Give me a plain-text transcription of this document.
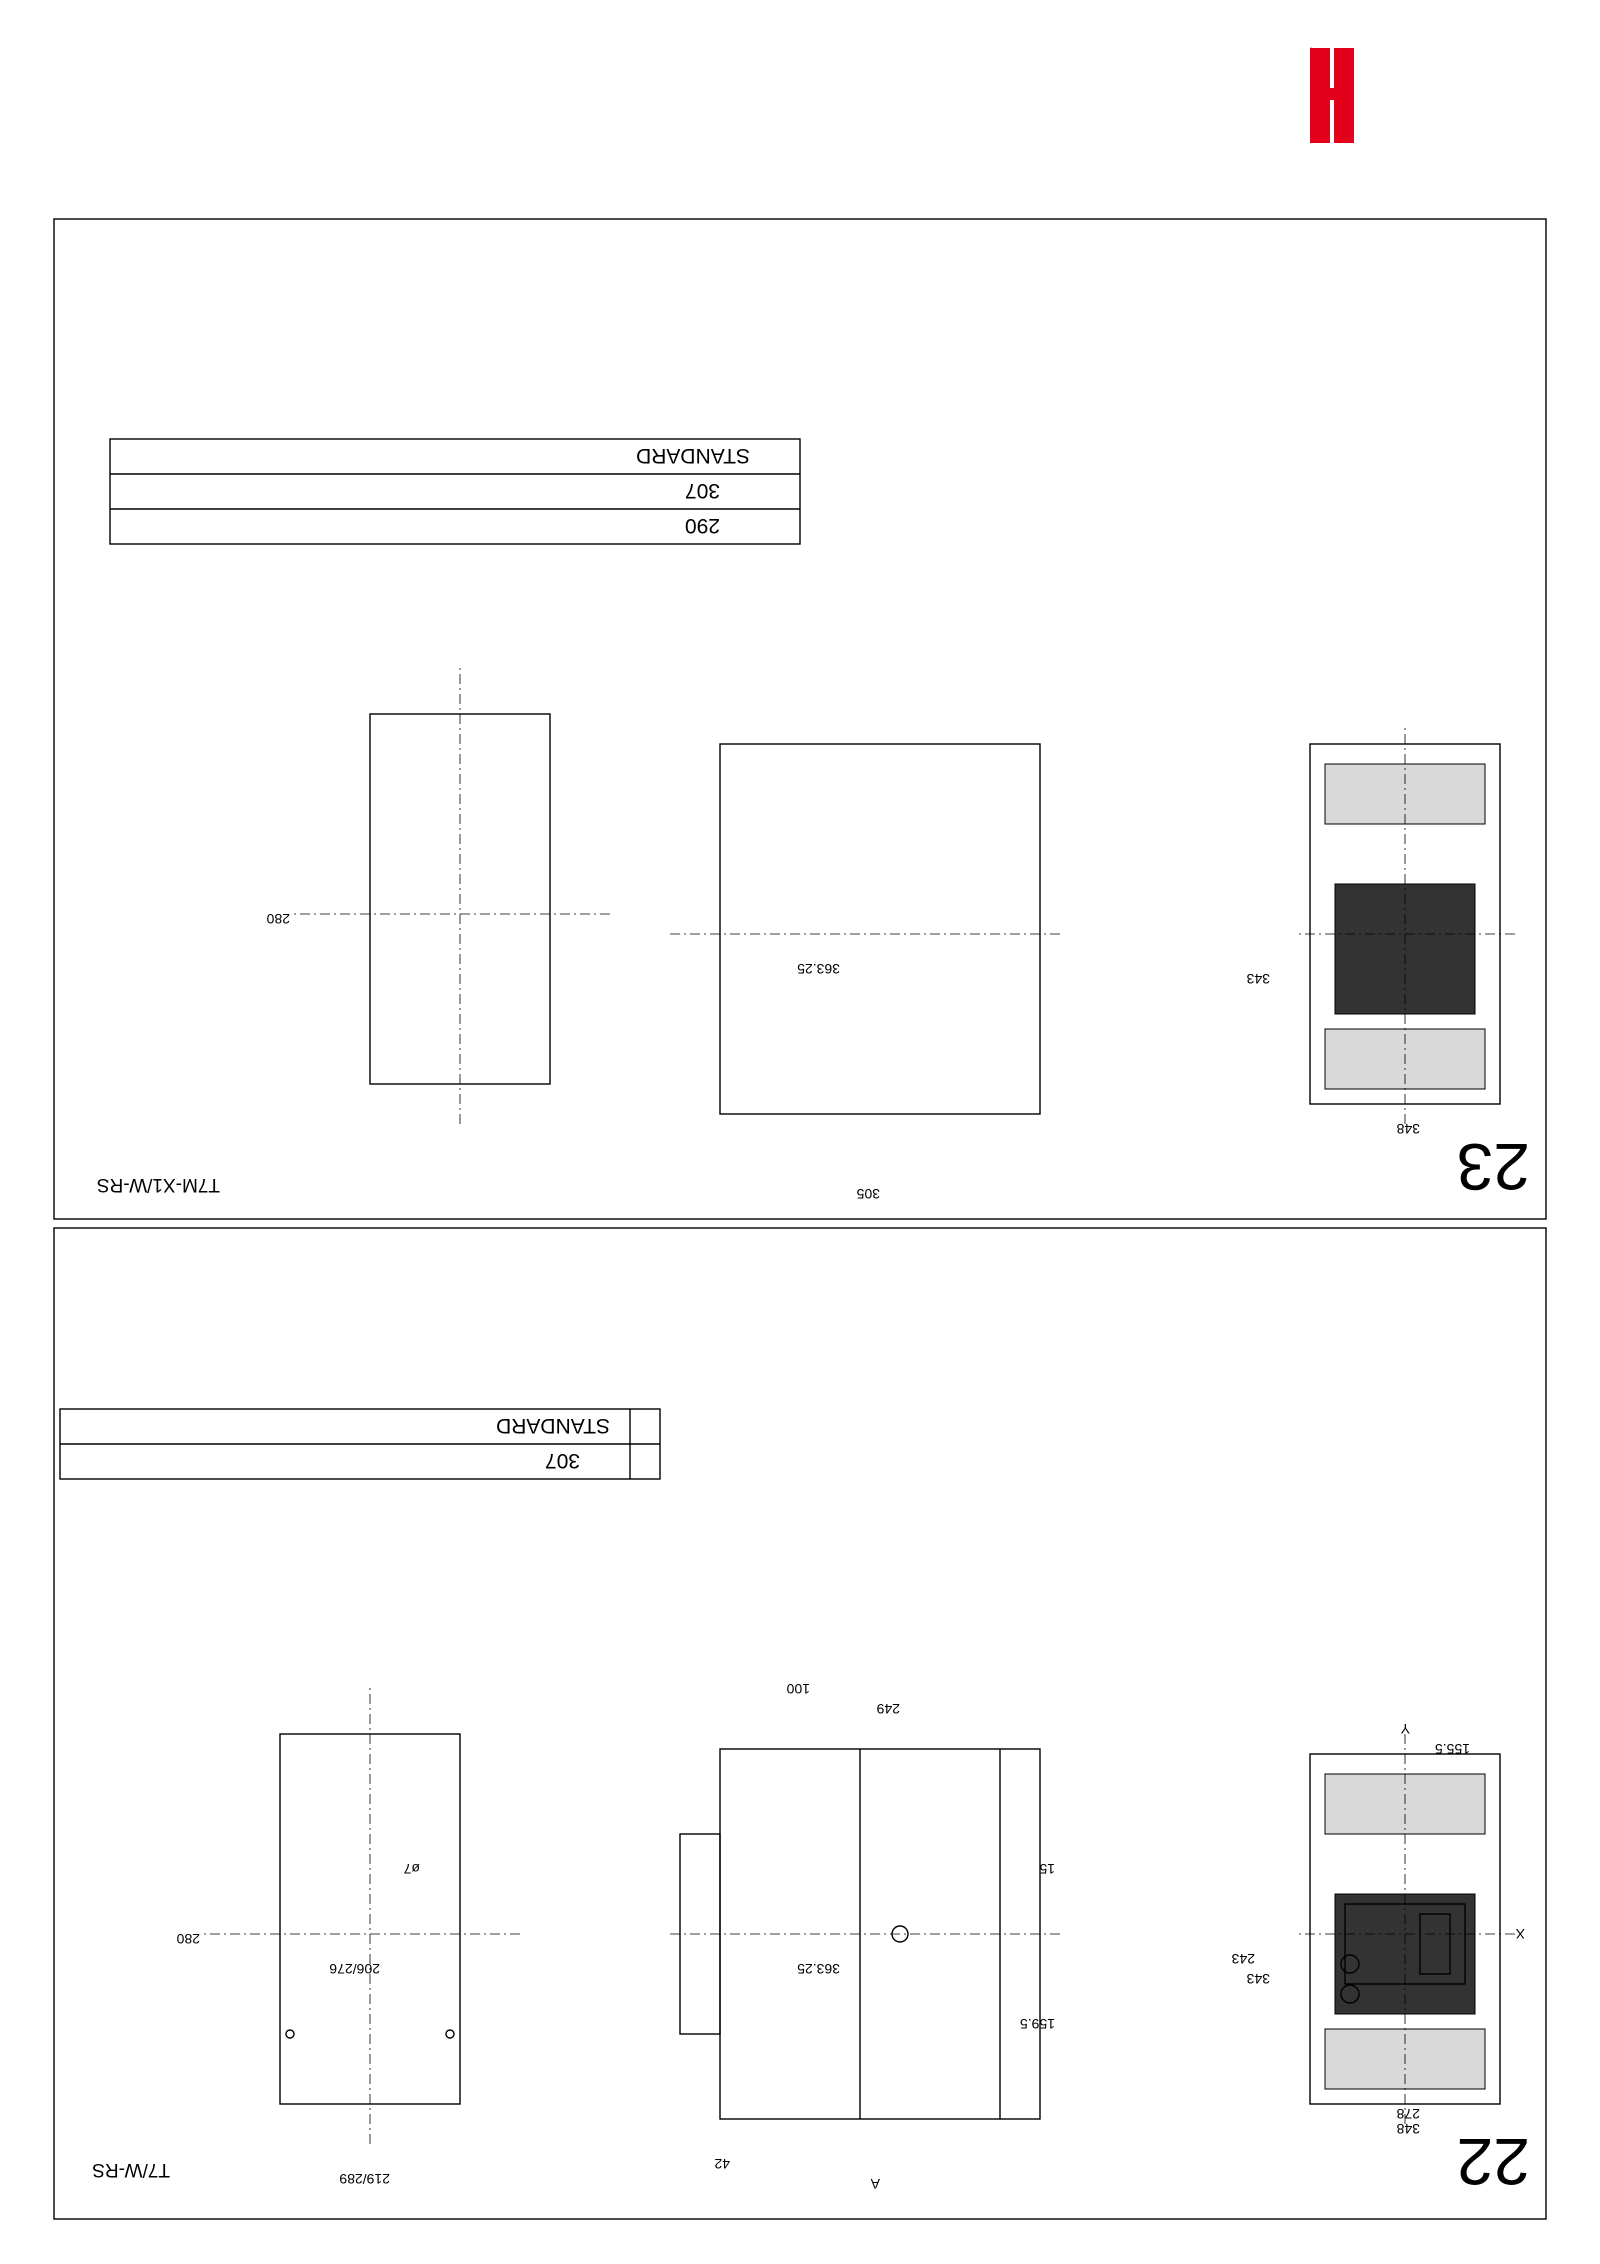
ABB
22
T7/W-RS
348
278
155.5
343
243
159.5
15
X
Y
A
42
363.25
249
100
280
206/276
219/289
ø7
STANDARD
307
23
T7M-X1/W-RS
348
343
305
363.25
280
STANDARD
307
290
